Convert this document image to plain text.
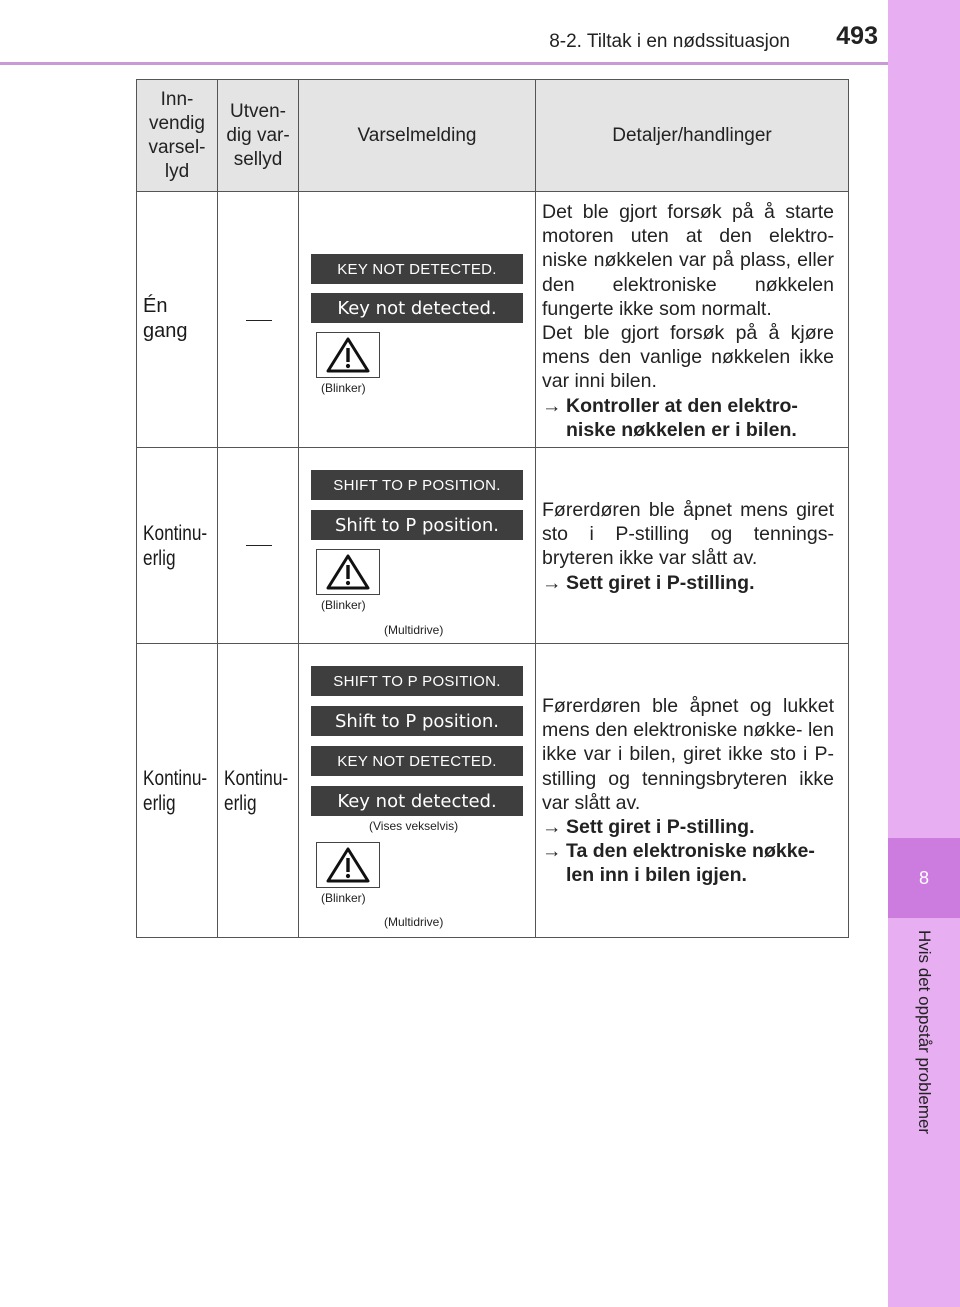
8-2. Tiltak i en nødssituasjon	493
8
Hvis det oppstår problemer
Inn-
vendig
varsel-
lyd
Utven-
dig var-
sellyd
Varselmelding	Detaljer/handlinger
Én
gang
KEY NOT DETECTED.
Key not detected.
(Blinker)

Det ble gjort forsøk på å starte motoren uten at den elektro- niske nøkkelen var på plass, eller den elektroniske nøkkelen fungerte ikke som normalt.

Det ble gjort forsøk på å kjøre mens den vanlige nøkkelen ikke var inni bilen.

→ Kontroller at den elektro- niske nøkkelen er i bilen.
Kontinu-
erlig
SHIFT TO P POSITION.
Shift to P position.
(Blinker)
(Multidrive)

Førerdøren ble åpnet mens giret sto i P-stilling og tennings- bryteren ikke var slått av.

→ Sett giret i P-stilling.
Kontinu-
erlig
Kontinu-
erlig
SHIFT TO P POSITION.
Shift to P position.
KEY NOT DETECTED.
Key not detected.
(Vises vekselvis)
(Blinker)
(Multidrive)

Førerdøren ble åpnet og lukket mens den elektroniske nøkke- len ikke var i bilen, giret ikke sto i P-stilling og tenningsbryteren ikke var slått av.

→ Sett giret i P-stilling.
→ Ta den elektroniske nøkke- len inn i bilen igjen.
